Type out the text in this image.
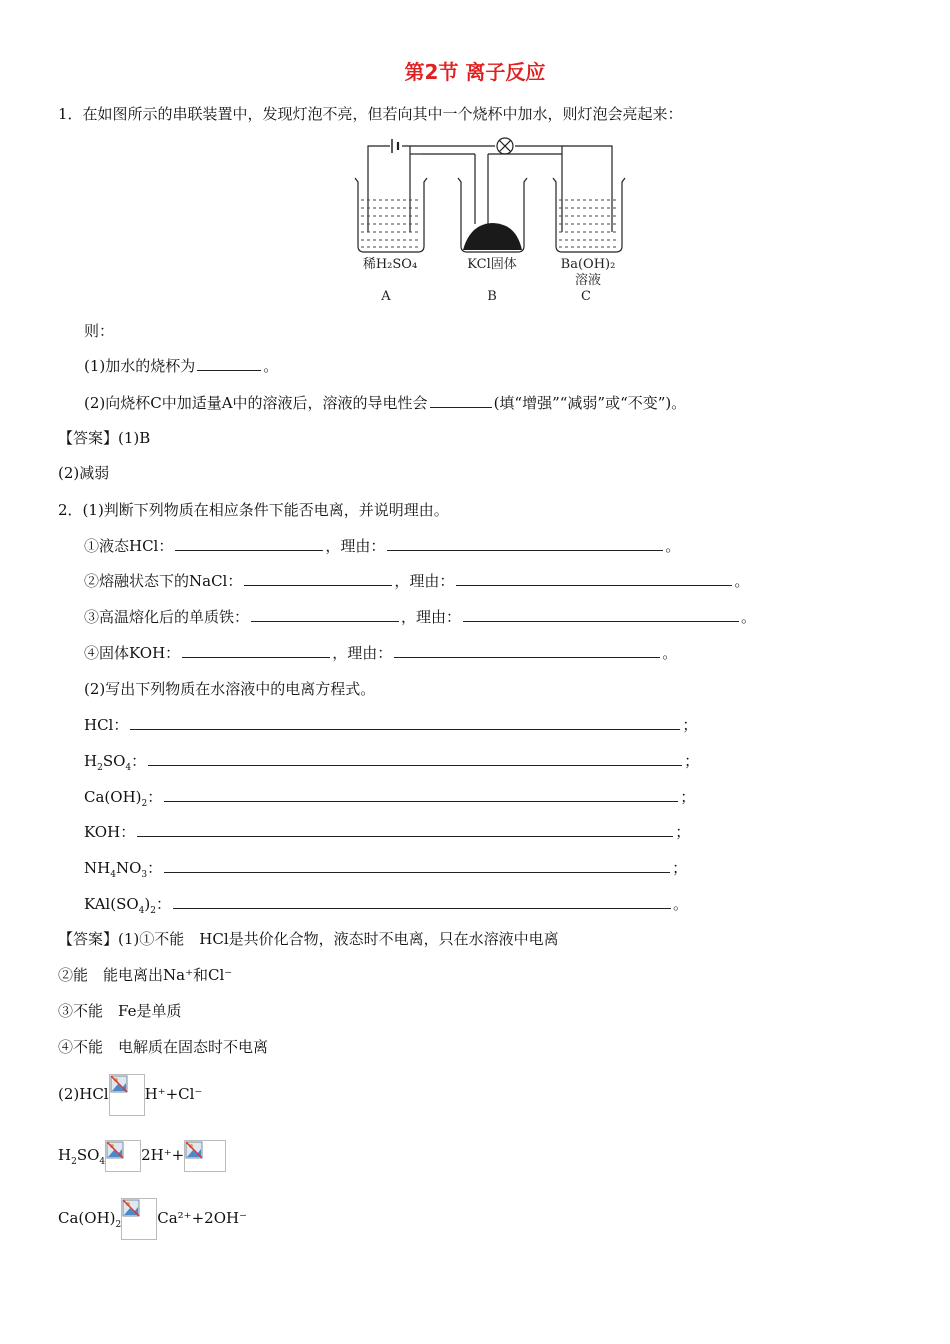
第2节 离子反应
1．在如图所示的串联装置中，发现灯泡不亮，但若向其中一个烧杯中加水，则灯泡会亮起来：
稀H₂SO₄	KCl固体	Ba(OH)₂
溶液
A	B	C
则：
(1)加水的烧杯为	。
(2)向烧杯C中加适量A中的溶液后，溶液的导电性会	(填“增强”“减弱”或“不变”)。
【答案】(1)B
(2)减弱
2．(1)判断下列物质在相应条件下能否电离，并说明理由。
①液态HCl：	，理由：	。
②熔融状态下的NaCl：	，理由：	。
③高温熔化后的单质铁：	，理由：	。
④固体KOH：	，理由：	。
(2)写出下列物质在水溶液中的电离方程式。
HCl：	；
$H_2SO_4$：	；
$Ca(OH)_2$：	；
KOH：	；
$NH_4NO_3$：	；
$KAl(SO_4)_2$：	。
【答案】(1)①不能　HCl是共价化合物，液态时不电离，只在水溶液中电离
②能　能电离出Na⁺和Cl⁻
③不能　Fe是单质
④不能　电解质在固态时不电离
(2)HCl H⁺+Cl⁻
$H_2SO_4$ 2H⁺+
$Ca(OH)_2$ Ca²⁺+2OH⁻
